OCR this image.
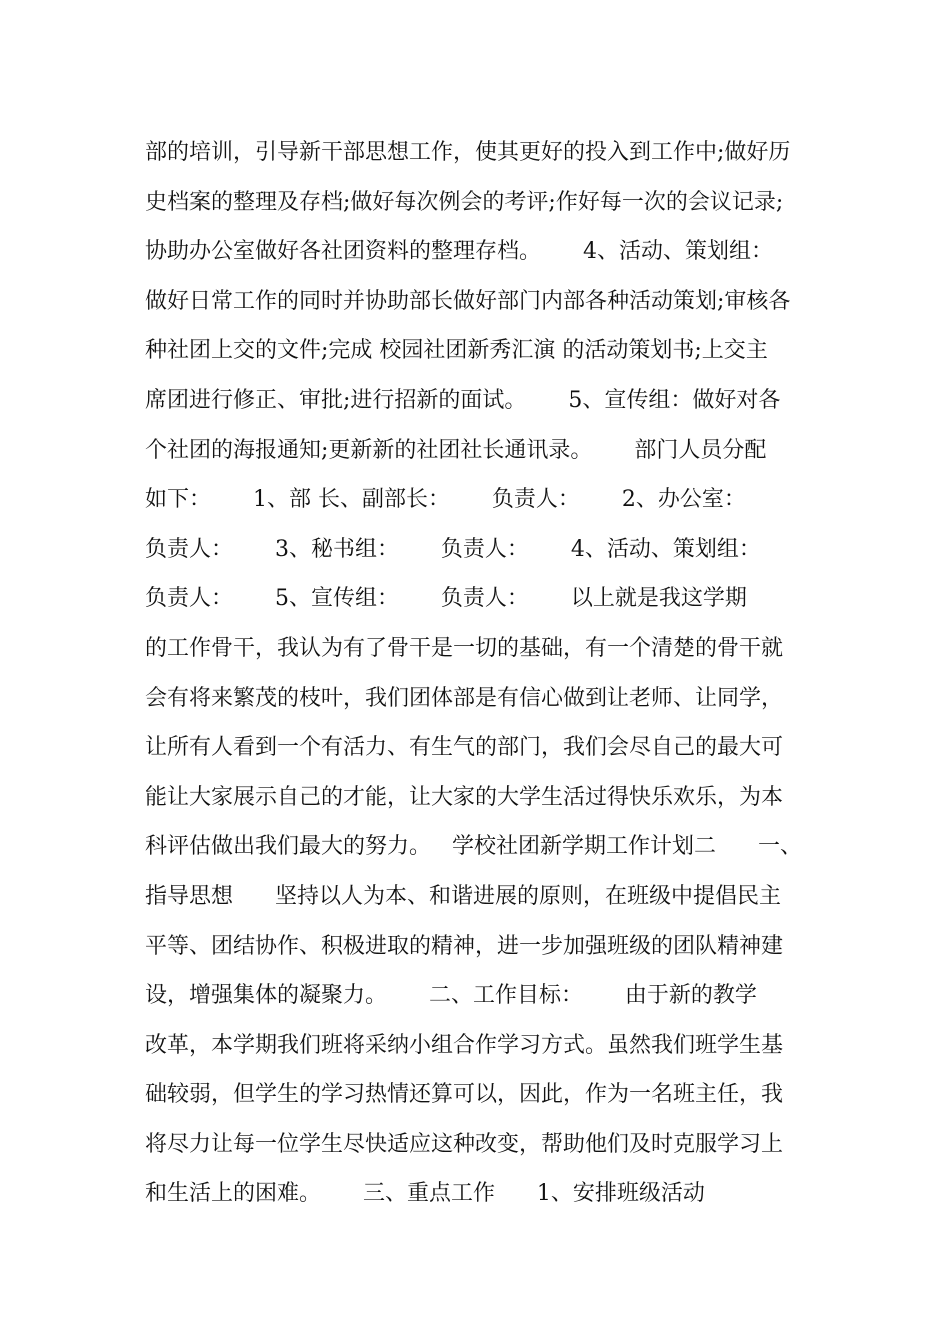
部的培训，引导新干部思想工作，使其更好的投入到工作中;做好历
史档案的整理及存档;做好每次例会的考评;作好每一次的会议记录;
协助办公室做好各社团资料的整理存档。      4、活动、策划组：
做好日常工作的同时并协助部长做好部门内部各种活动策划;审核各
种社团上交的文件;完成 校园社团新秀汇演 的活动策划书;上交主
席团进行修正、审批;进行招新的面试。      5、宣传组：做好对各
个社团的海报通知;更新新的社团社长通讯录。      部门人员分配
如下：      1、部 长、副部长：      负责人：      2、办公室：
负责人：      3、秘书组：      负责人：      4、活动、策划组：
负责人：      5、宣传组：      负责人：      以上就是我这学期
的工作骨干，我认为有了骨干是一切的基础，有一个清楚的骨干就
会有将来繁茂的枝叶，我们团体部是有信心做到让老师、让同学，
让所有人看到一个有活力、有生气的部门，我们会尽自己的最大可
能让大家展示自己的才能，让大家的大学生活过得快乐欢乐，为本
科评估做出我们最大的努力。   学校社团新学期工作计划二      一、
指导思想      坚持以人为本、和谐进展的原则，在班级中提倡民主
平等、团结协作、积极进取的精神，进一步加强班级的团队精神建
设，增强集体的凝聚力。      二、工作目标：      由于新的教学
改革，本学期我们班将采纳小组合作学习方式。虽然我们班学生基
础较弱，但学生的学习热情还算可以，因此，作为一名班主任，我
将尽力让每一位学生尽快适应这种改变，帮助他们及时克服学习上
和生活上的困难。      三、重点工作      1、安排班级活动
